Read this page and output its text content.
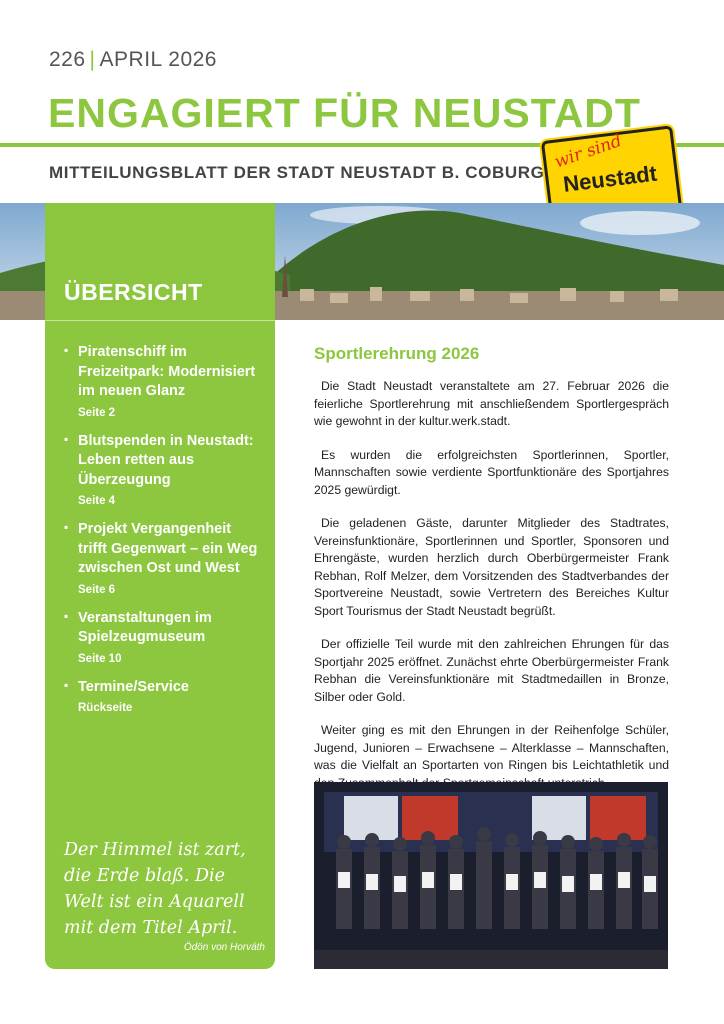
226 | APRIL 2026
ENGAGIERT FÜR NEUSTADT
MITTEILUNGSBLATT DER STADT NEUSTADT B. COBURG
wir sind
Neustadt
ÜBERSICHT
▪ Piratenschiff im Freizeitpark: Modernisiert im neuen Glanz
Seite 2
▪ Blutspenden in Neustadt: Leben retten aus Überzeugung
Seite 4
▪ Projekt Vergangenheit trifft Gegenwart – ein Weg zwischen Ost und West
Seite 6
▪ Veranstaltungen im Spielzeugmuseum
Seite 10
▪ Termine/Service
Rückseite
Der Himmel ist zart, die Erde blaß. Die Welt ist ein Aquarell mit dem Titel April.
Ödön von Horváth
Sportlerehrung 2026

Die Stadt Neustadt veranstaltete am 27. Februar 2026 die feierliche Sportlerehrung mit anschließendem Sportlergespräch wie gewohnt in der kultur.werk.stadt.

Es wurden die erfolgreichsten Sportlerinnen, Sportler, Mannschaften sowie verdiente Sportfunktionäre des Sportjahres 2025 gewürdigt.

Die geladenen Gäste, darunter Mitglieder des Stadtrates, Vereinsfunktionäre, Sportlerinnen und Sportler, Sponsoren und Ehrengäste, wurden herzlich durch Oberbürgermeister Frank Rebhan, Rolf Melzer, dem Vorsitzenden des Stadtverbandes der Sportvereine Neustadt, sowie Vertretern des Bereiches Kultur Sport Tourismus der Stadt Neustadt begrüßt.

Der offizielle Teil wurde mit den zahlreichen Ehrungen für das Sportjahr 2025 eröffnet. Zunächst ehrte Oberbürgermeister Frank Rebhan die Vereinsfunktionäre mit Stadtmedaillen in Bronze, Silber oder Gold.

Weiter ging es mit den Ehrungen in der Reihenfolge Schüler, Jugend, Junioren – Erwachsene – Alterklasse – Mannschaften, was die Vielfalt an Sportarten von Ringen bis Leichtathletik und
